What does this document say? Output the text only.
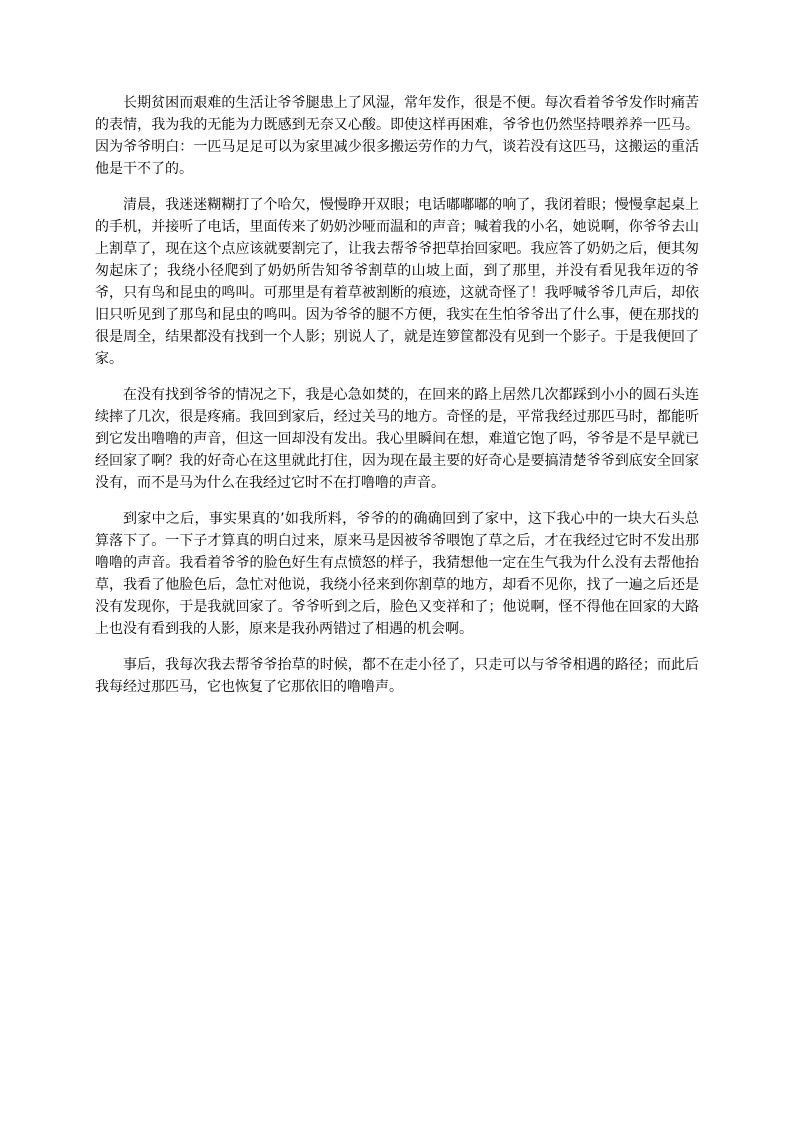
长期贫困而艰难的生活让爷爷腿患上了风湿，常年发作，很是不便。每次看着爷爷发作时痛苦的表情，我为我的无能为力既感到无奈又心酸。即使这样再困难，爷爷也仍然坚持喂养养一匹马。因为爷爷明白：一匹马足足可以为家里减少很多搬运劳作的力气，谈若没有这匹马，这搬运的重活他是干不了的。

清晨，我迷迷糊糊打了个哈欠，慢慢睁开双眼；电话嘟嘟嘟的响了，我闭着眼；慢慢拿起桌上的手机，并接听了电话，里面传来了奶奶沙哑而温和的声音；喊着我的小名，她说啊，你爷爷去山上割草了，现在这个点应该就要割完了，让我去帮爷爷把草抬回家吧。我应答了奶奶之后，便其匆匆起床了；我绕小径爬到了奶奶所告知爷爷割草的山坡上面，到了那里，并没有看见我年迈的爷爷，只有鸟和昆虫的鸣叫。可那里是有着草被割断的痕迹，这就奇怪了！我呼喊爷爷几声后，却依旧只听见到了那鸟和昆虫的鸣叫。因为爷爷的腿不方便，我实在生怕爷爷出了什么事，便在那找的很是周全，结果都没有找到一个人影；别说人了，就是连箩筐都没有见到一个影子。于是我便回了家。

在没有找到爷爷的情况之下，我是心急如焚的，在回来的路上居然几次都踩到小小的圆石头连续摔了几次，很是疼痛。我回到家后，经过关马的地方。奇怪的是，平常我经过那匹马时，都能听到它发出噜噜的声音，但这一回却没有发出。我心里瞬间在想，难道它饱了吗，爷爷是不是早就已经回家了啊？我的好奇心在这里就此打住，因为现在最主要的好奇心是要搞清楚爷爷到底安全回家没有，而不是马为什么在我经过它时不在打噜噜的声音。

到家中之后，事实果真的’如我所料，爷爷的的确确回到了家中，这下我心中的一块大石头总算落下了。一下子才算真的明白过来，原来马是因被爷爷喂饱了草之后，才在我经过它时不发出那噜噜的声音。我看着爷爷的脸色好生有点愤怒的样子，我猜想他一定在生气我为什么没有去帮他抬草，我看了他脸色后，急忙对他说，我绕小径来到你割草的地方，却看不见你，找了一遍之后还是没有发现你，于是我就回家了。爷爷听到之后，脸色又变祥和了；他说啊，怪不得他在回家的大路上也没有看到我的人影，原来是我孙两错过了相遇的机会啊。

事后，我每次我去帮爷爷抬草的时候，都不在走小径了，只走可以与爷爷相遇的路径；而此后我每经过那匹马，它也恢复了它那依旧的噜噜声。
